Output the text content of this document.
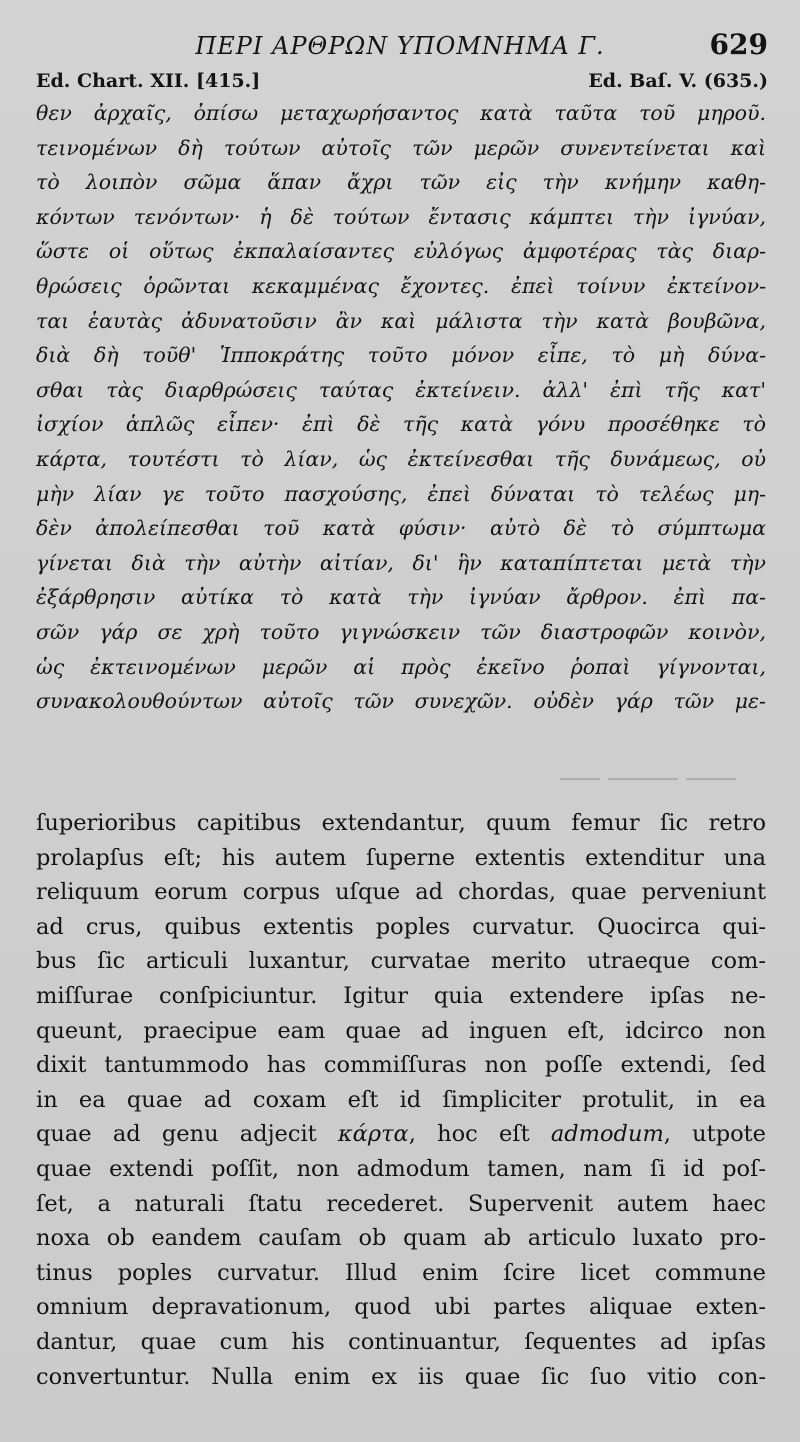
ΠΕΡΙ ΑΡΘΡΩΝ ΥΠΟΜΝΗΜΑ Γ.	629
Ed. Chart. XII. [415.]	Ed. Baſ. V. (635.)
θεν ἀρχαῖς, ὀπίσω μεταχωρήσαντος κατὰ ταῦτα τοῦ μηροῦ.
τεινομένων δὴ τούτων αὐτοῖς τῶν μερῶν συνεντείνεται καὶ
τὸ λοιπὸν σῶμα ἅπαν ἄχρι τῶν εἰς τὴν κνήμην καθη-
κόντων τενόντων· ἡ δὲ τούτων ἔντασις κάμπτει τὴν ἰγνύαν,
ὥστε οἱ οὕτως ἐκπαλαίσαντες εὐλόγως ἀμφοτέρας τὰς διαρ-
θρώσεις ὁρῶνται κεκαμμένας ἔχοντες. ἐπεὶ τοίνυν ἐκτείνον-
ται ἑαυτὰς ἀδυνατοῦσιν ἂν καὶ μάλιστα τὴν κατὰ βουβῶνα,
διὰ δὴ τοῦθ' Ἱπποκράτης τοῦτο μόνον εἶπε, τὸ μὴ δύνα-
σθαι τὰς διαρθρώσεις ταύτας ἐκτείνειν. ἀλλ' ἐπὶ τῆς κατ'
ἰσχίον ἁπλῶς εἶπεν· ἐπὶ δὲ τῆς κατὰ γόνυ προσέθηκε τὸ
κάρτα, τουτέστι τὸ λίαν, ὡς ἐκτείνεσθαι τῆς δυνάμεως, οὐ
μὴν λίαν γε τοῦτο πασχούσης, ἐπεὶ δύναται τὸ τελέως μη-
δὲν ἀπολείπεσθαι τοῦ κατὰ φύσιν· αὐτὸ δὲ τὸ σύμπτωμα
γίνεται διὰ τὴν αὐτὴν αἰτίαν, δι' ἣν καταπίπτεται μετὰ τὴν
ἐξάρθρησιν αὐτίκα τὸ κατὰ τὴν ἰγνύαν ἄρθρον. ἐπὶ πα-
σῶν γάρ σε χρὴ τοῦτο γιγνώσκειν τῶν διαστροφῶν κοινὸν,
ὡς ἐκτεινομένων μερῶν αἱ πρὸς ἐκεῖνο ῥοπαὶ γίγνονται,
συνακολουθούντων αὐτοῖς τῶν συνεχῶν. οὐδὲν γάρ τῶν με-
ſuperioribus capitibus extendantur, quum femur ſic retro
prolapſus eſt; his autem ſuperne extentis extenditur una
reliquum eorum corpus uſque ad chordas, quae perveniunt
ad crus, quibus extentis poples curvatur. Quocirca qui-
bus ſic articuli luxantur, curvatae merito utraeque com-
miſſurae conſpiciuntur. Igitur quia extendere ipſas ne-
queunt, praecipue eam quae ad inguen eſt, idcirco non
dixit tantummodo has commiſſuras non poſſe extendi, ſed
in ea quae ad coxam eſt id ſimpliciter protulit, in ea
quae ad genu adjecit κάρτα, hoc eſt admodum, utpote
quae extendi poſſit, non admodum tamen, nam ſi id poſ-
ſet, a naturali ſtatu recederet. Supervenit autem haec
noxa ob eandem cauſam ob quam ab articulo luxato pro-
tinus poples curvatur. Illud enim ſcire licet commune
omnium depravationum, quod ubi partes aliquae exten-
dantur, quae cum his continuantur, ſequentes ad ipſas
convertuntur. Nulla enim ex iis quae ſic ſuo vitio con-
